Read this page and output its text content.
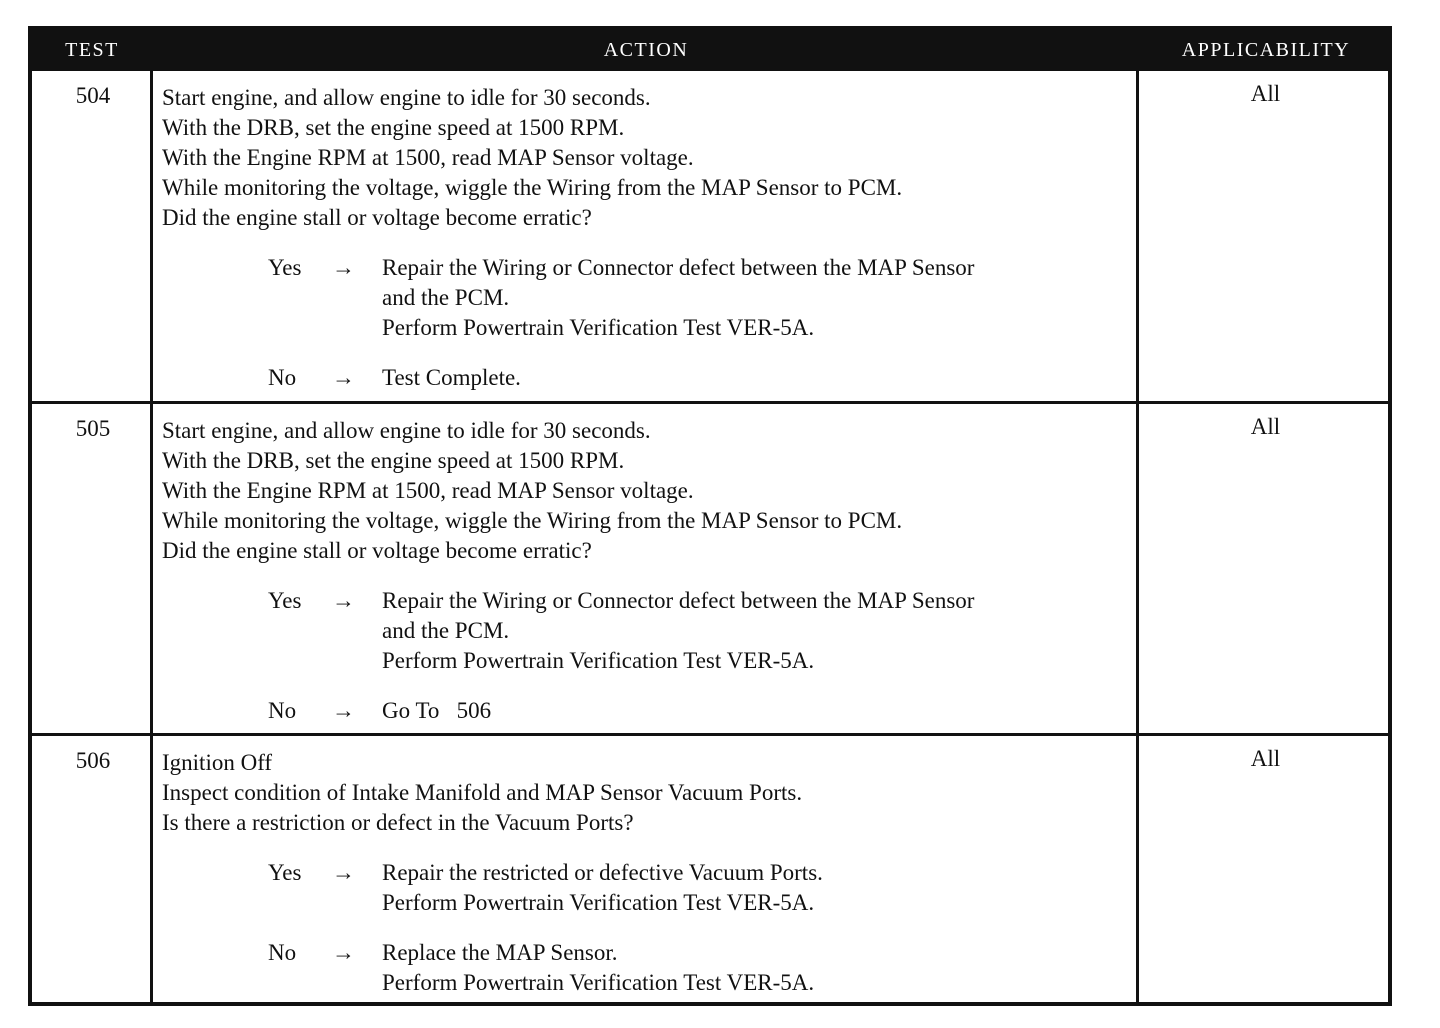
TEST	ACTION	APPLICABILITY
504	Start engine, and allow engine to idle for 30 seconds.
With the DRB, set the engine speed at 1500 RPM.
With the Engine RPM at 1500, read MAP Sensor voltage.
While monitoring the voltage, wiggle the Wiring from the MAP Sensor to PCM.
Did the engine stall or voltage become erratic?
Yes	→	Repair the Wiring or Connector defect between the MAP Sensor
and the PCM.
Perform Powertrain Verification Test VER-5A.
No	→	Test Complete.
All
505	Start engine, and allow engine to idle for 30 seconds.
With the DRB, set the engine speed at 1500 RPM.
With the Engine RPM at 1500, read MAP Sensor voltage.
While monitoring the voltage, wiggle the Wiring from the MAP Sensor to PCM.
Did the engine stall or voltage become erratic?
Yes	→	Repair the Wiring or Connector defect between the MAP Sensor
and the PCM.
Perform Powertrain Verification Test VER-5A.
No	→	Go To   506
All
506	Ignition Off
Inspect condition of Intake Manifold and MAP Sensor Vacuum Ports.
Is there a restriction or defect in the Vacuum Ports?
Yes	→	Repair the restricted or defective Vacuum Ports.
Perform Powertrain Verification Test VER-5A.
No	→	Replace the MAP Sensor.
Perform Powertrain Verification Test VER-5A.
All
